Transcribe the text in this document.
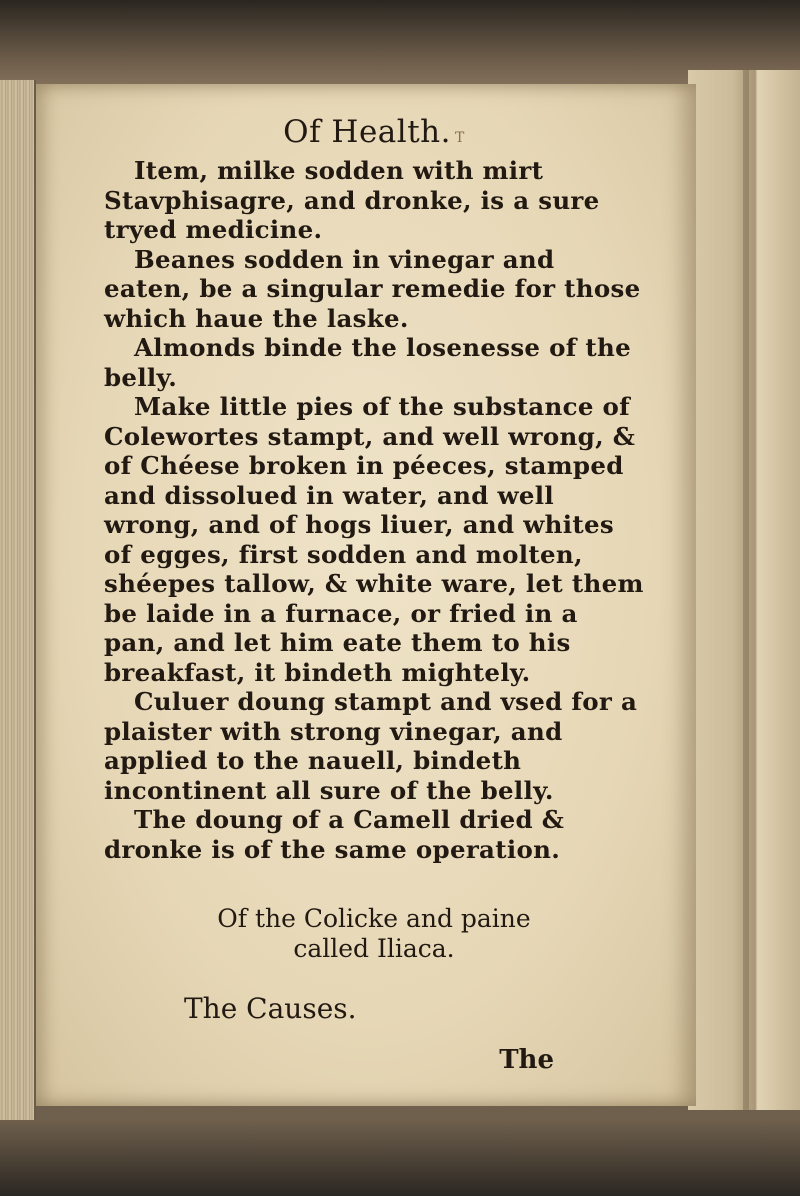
Of Health. T

Item, milke sodden with mirt Stavphisagre, and dronke, is a sure tryed medicine.

Beanes sodden in vinegar and eaten, be a singular remedie for those which haue the laske.

Almonds binde the losenesse of the belly.

Make little pies of the substance of Colewortes stampt, and well wrong, & of Chéese broken in péeces, stamped and dissolued in water, and well wrong, and of hogs liuer, and whites of egges, first sodden and molten, shéepes tallow, & white ware, let them be laide in a furnace, or fried in a pan, and let him eate them to his breakfast, it bindeth mightely.

Culuer doung stampt and vsed for a plaister with strong vinegar, and applied to the nauell, bindeth incontinent all sure of the belly.

The doung of a Camell dried & dronke is of the same operation.

Of the Colicke and paine
called Iliaca.
The Causes.
The
